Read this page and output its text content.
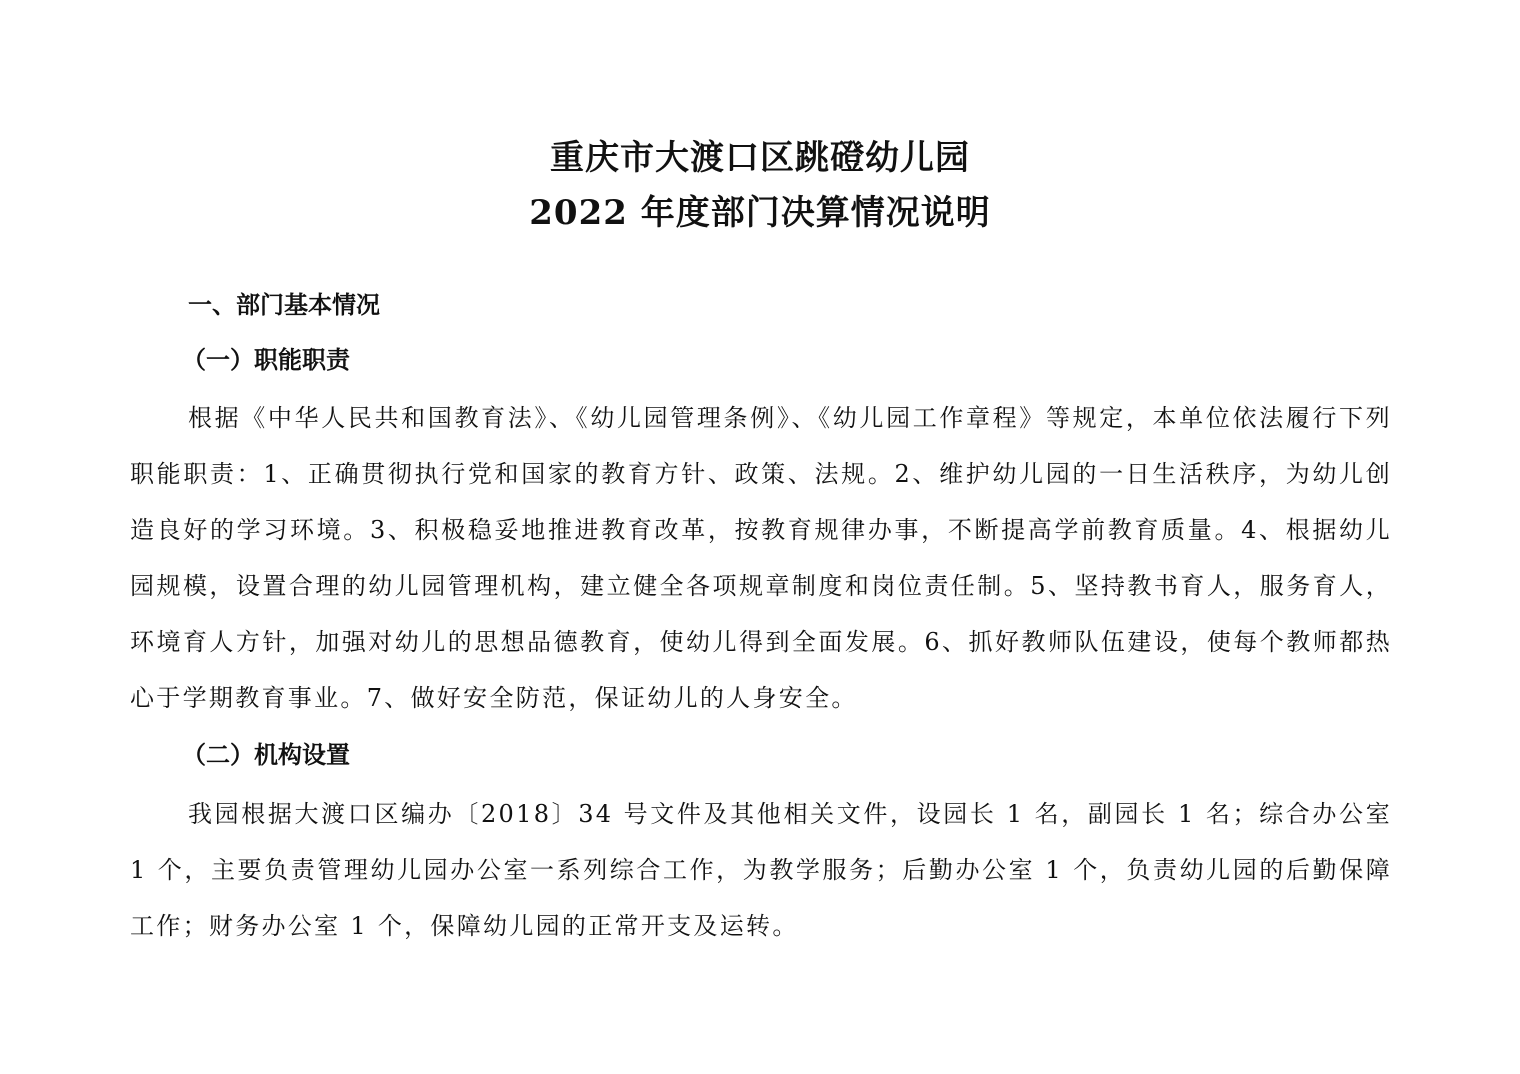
重庆市大渡口区跳磴幼儿园
2022 年度部门决算情况说明
一、部门基本情况
（一）职能职责
根据《中华人民共和国教育法》、《幼儿园管理条例》、《幼儿园工作章程》等规定，本单位依法履行下列职能职责：1、正确贯彻执行党和国家的教育方针、政策、法规。2、维护幼儿园的一日生活秩序，为幼儿创造良好的学习环境。3、积极稳妥地推进教育改革，按教育规律办事，不断提高学前教育质量。4、根据幼儿园规模，设置合理的幼儿园管理机构，建立健全各项规章制度和岗位责任制。5、坚持教书育人，服务育人，环境育人方针，加强对幼儿的思想品德教育，使幼儿得到全面发展。6、抓好教师队伍建设，使每个教师都热心于学期教育事业。7、做好安全防范，保证幼儿的人身安全。
（二）机构设置
我园根据大渡口区编办〔2018〕34 号文件及其他相关文件，设园长 1 名，副园长 1 名；综合办公室 1 个，主要负责管理幼儿园办公室一系列综合工作，为教学服务；后勤办公室 1 个，负责幼儿园的后勤保障工作；财务办公室 1 个，保障幼儿园的正常开支及运转。
